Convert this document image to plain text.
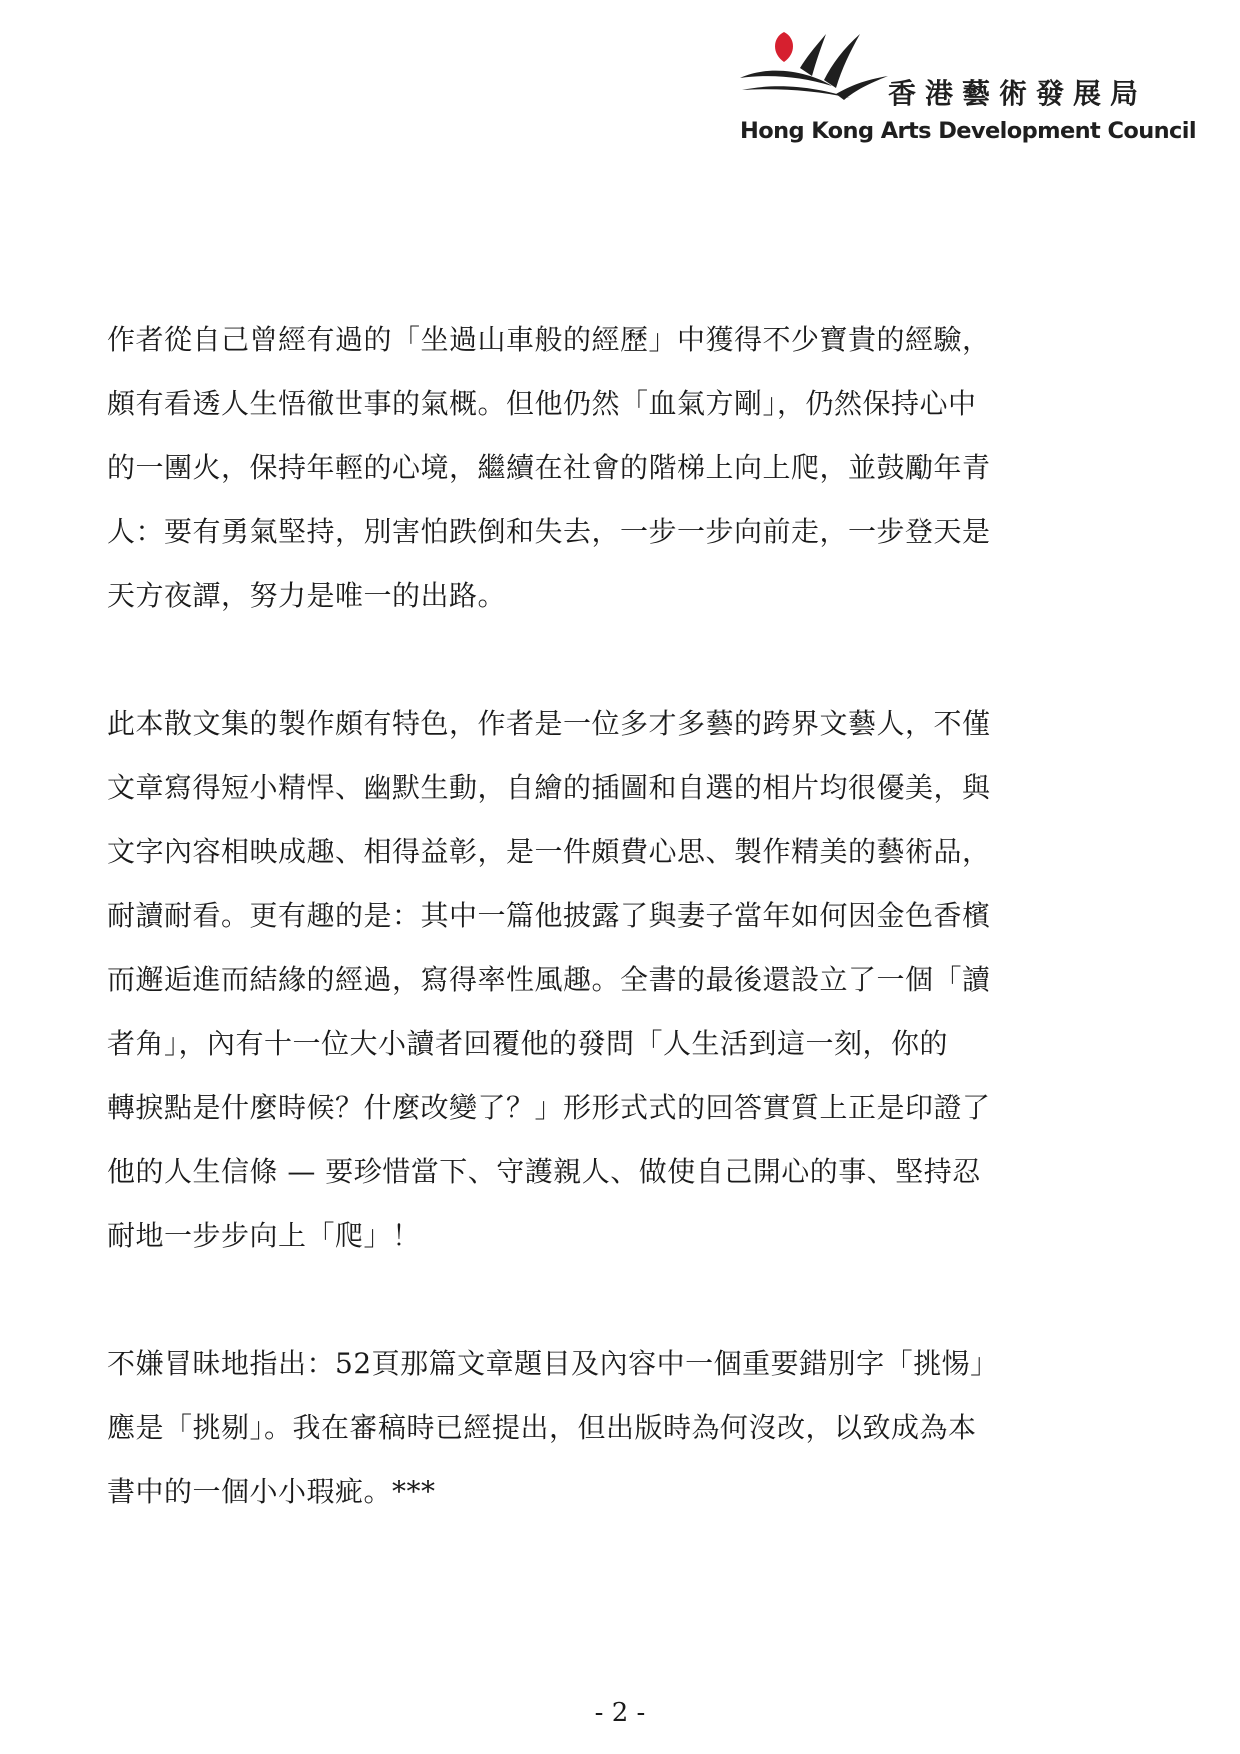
香港藝術發展局
Hong Kong Arts Development Council
作者從自己曾經有過的「坐過山車般的經歷」中獲得不少寶貴的經驗，
頗有看透人生悟徹世事的氣概。但他仍然「血氣方剛」，仍然保持心中
的一團火，保持年輕的心境，繼續在社會的階梯上向上爬，並鼓勵年青
人：要有勇氣堅持，別害怕跌倒和失去，一步一步向前走，一步登天是
天方夜譚，努力是唯一的出路。
此本散文集的製作頗有特色，作者是一位多才多藝的跨界文藝人，不僅
文章寫得短小精悍、幽默生動，自繪的插圖和自選的相片均很優美，與
文字內容相映成趣、相得益彰，是一件頗費心思、製作精美的藝術品，
耐讀耐看。更有趣的是：其中一篇他披露了與妻子當年如何因金色香檳
而邂逅進而結緣的經過，寫得率性風趣。全書的最後還設立了一個「讀
者角」，內有十一位大小讀者回覆他的發問「人生活到這一刻，你的
轉捩點是什麼時候？什麼改變了？」形形式式的回答實質上正是印證了
他的人生信條 — 要珍惜當下、守護親人、做使自己開心的事、堅持忍
耐地一步步向上「爬」！
不嫌冒昧地指出：52頁那篇文章題目及內容中一個重要錯別字「挑惕」
應是「挑剔」。我在審稿時已經提出，但出版時為何沒改，以致成為本
書中的一個小小瑕疵。***
- 2 -
